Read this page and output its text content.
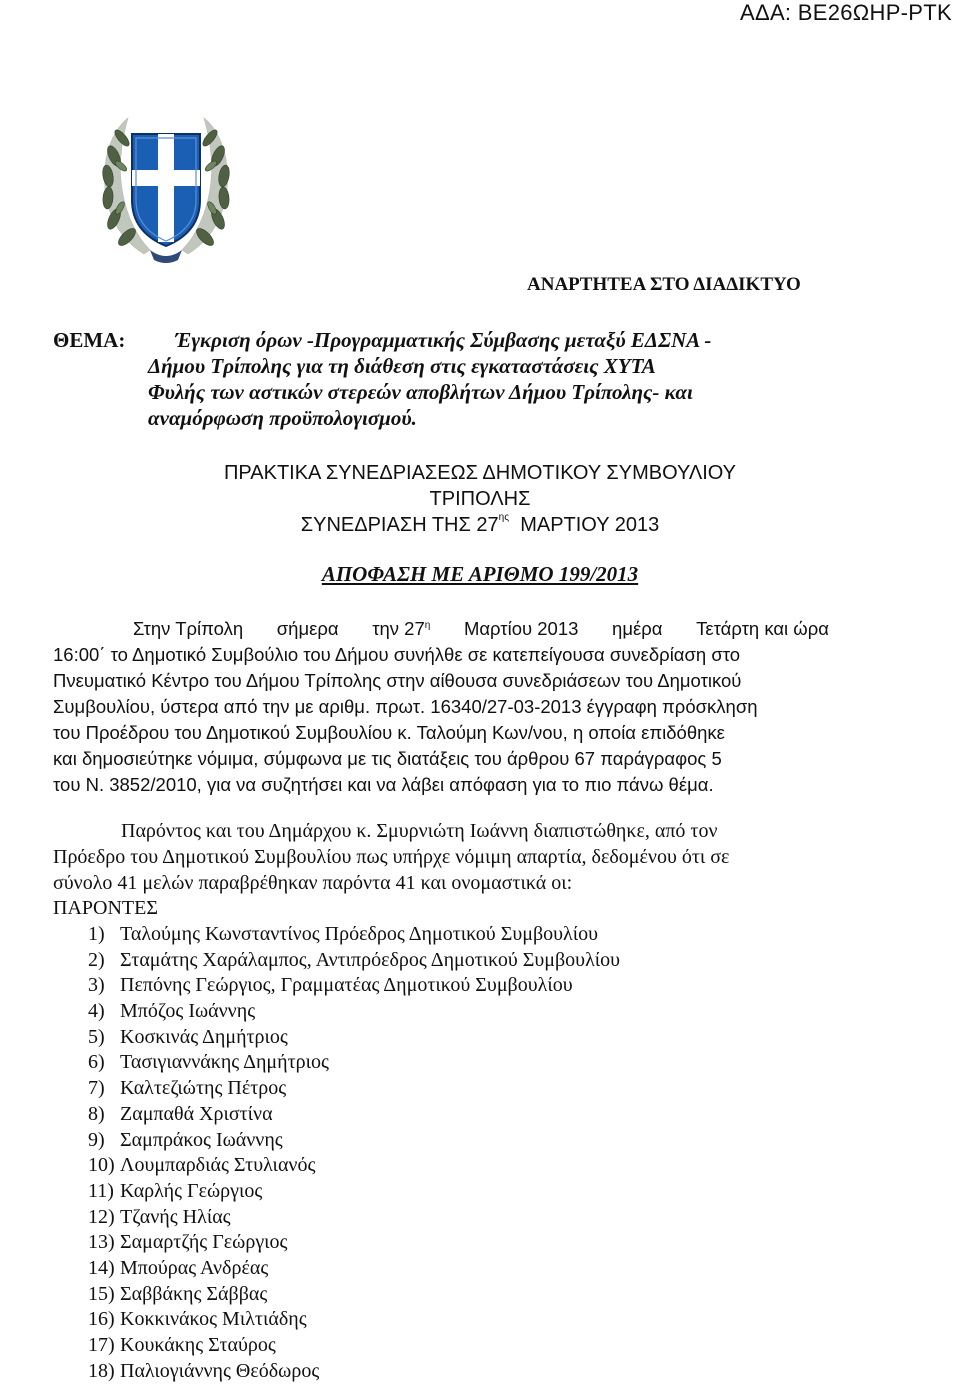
ΑΔΑ: ΒΕ26ΩΗΡ-ΡΤΚ
ΑΝΑΡΤΗΤΕΑ ΣΤΟ ΔΙΑΔΙΚΤΥΟ
ΘΕΜΑ: Έγκριση όρων -Προγραμματικής Σύμβασης μεταξύ ΕΔΣΝΑ -
Δήμου Τρίπολης για τη διάθεση στις εγκαταστάσεις ΧΥΤΑ
Φυλής των αστικών στερεών αποβλήτων Δήμου Τρίπολης- και
αναμόρφωση προϋπολογισμού.
ΠΡΑΚΤΙΚΑ ΣΥΝΕΔΡΙΑΣΕΩΣ ΔΗΜΟΤΙΚΟΥ ΣΥΜΒΟΥΛΙΟΥ
ΤΡΙΠΟΛΗΣ
ΣΥΝΕΔΡΙΑΣΗ ΤΗΣ $27^{\eta\varsigma}$ ΜΑΡΤΙΟΥ 2013
ΑΠΟΦΑΣΗ ΜΕ ΑΡΙΘΜΟ 199/2013
Στην Τρίπολη σήμερα την $27^\eta$ Μαρτίου 2013 ημέρα Τετάρτη και ώρα
16:00΄ το Δημοτικό Συμβούλιο του Δήμου συνήλθε σε κατεπείγουσα συνεδρίαση στο
Πνευματικό Κέντρο του Δήμου Τρίπολης στην αίθουσα συνεδριάσεων του Δημοτικού
Συμβουλίου, ύστερα από την με αριθμ. πρωτ. 16340/27-03-2013 έγγραφη πρόσκληση
του Προέδρου του Δημοτικού Συμβουλίου κ. Ταλούμη Κων/νου, η οποία επιδόθηκε
και δημοσιεύτηκε νόμιμα, σύμφωνα με τις διατάξεις του άρθρου 67 παράγραφος 5
του Ν. 3852/2010, για να συζητήσει και να λάβει απόφαση για το πιο πάνω θέμα.
Παρόντος και του Δημάρχου κ. Σμυρνιώτη Ιωάννη διαπιστώθηκε, από τον
Πρόεδρο του Δημοτικού Συμβουλίου πως υπήρχε νόμιμη απαρτία, δεδομένου ότι σε
σύνολο 41 μελών παραβρέθηκαν παρόντα 41 και ονομαστικά οι:
ΠΑΡΟΝΤΕΣ
1) Ταλούμης Κωνσταντίνος Πρόεδρος Δημοτικού Συμβουλίου
2) Σταμάτης Χαράλαμπος, Αντιπρόεδρος Δημοτικού Συμβουλίου
3) Πεπόνης Γεώργιος, Γραμματέας Δημοτικού Συμβουλίου
4) Μπόζος Ιωάννης
5) Κοσκινάς Δημήτριος
6) Τασιγιαννάκης Δημήτριος
7) Καλτεζιώτης Πέτρος
8) Ζαμπαθά Χριστίνα
9) Σαμπράκος Ιωάννης
10) Λουμπαρδιάς Στυλιανός
11) Καρλής Γεώργιος
12) Τζανής Ηλίας
13) Σαμαρτζής Γεώργιος
14) Μπούρας Ανδρέας
15) Σαββάκης Σάββας
16) Κοκκινάκος Μιλτιάδης
17) Κουκάκης Σταύρος
18) Παλιογιάννης Θεόδωρος
